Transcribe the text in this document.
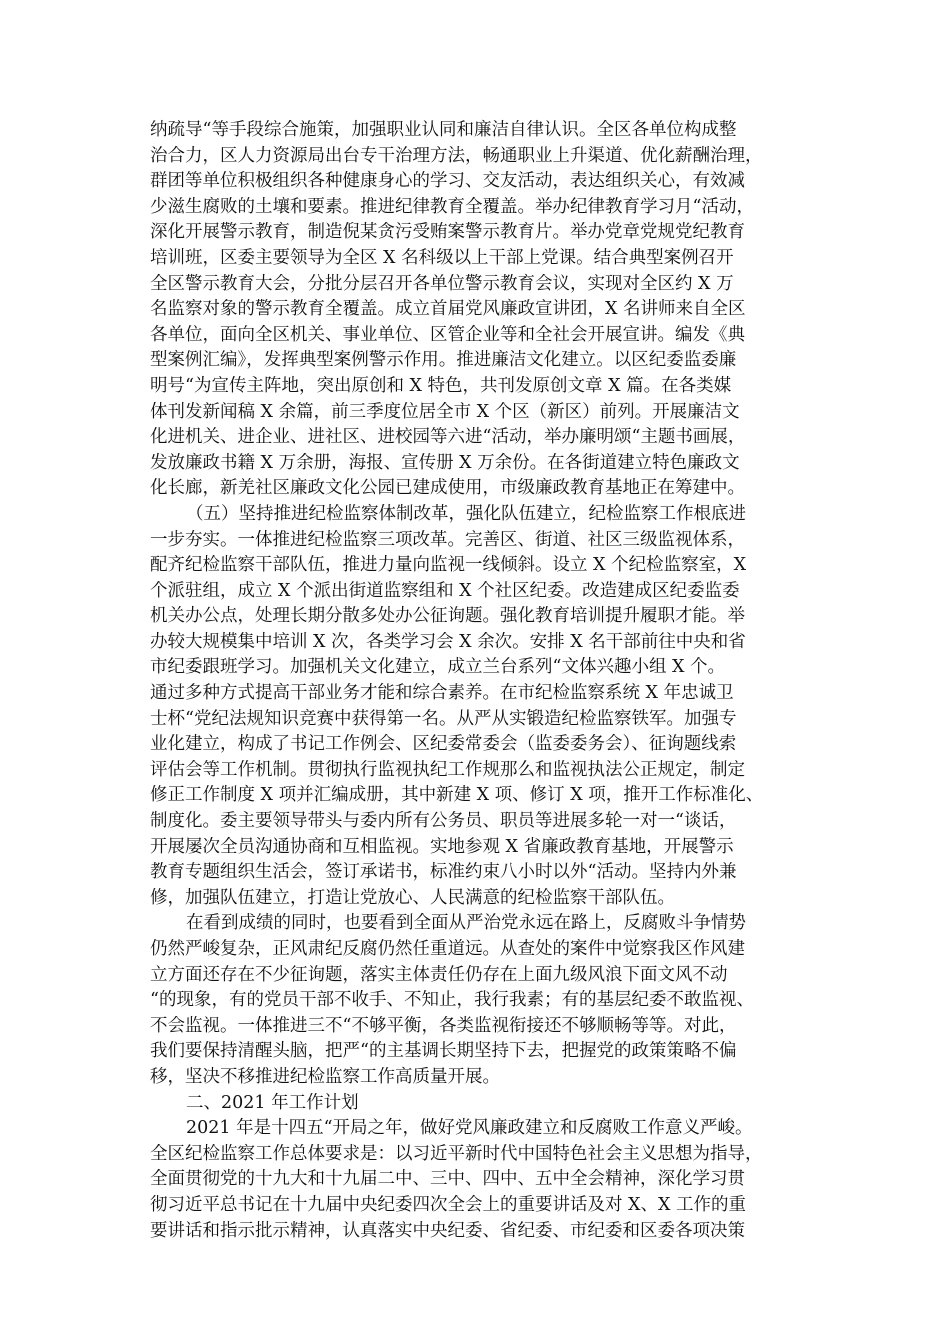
纳疏导“等手段综合施策，加强职业认同和廉洁自律认识。全区各单位构成整
治合力，区人力资源局出台专干治理方法，畅通职业上升渠道、优化薪酬治理，
群团等单位积极组织各种健康身心的学习、交友活动，表达组织关心，有效减
少滋生腐败的土壤和要素。推进纪律教育全覆盖。举办纪律教育学习月“活动，
深化开展警示教育，制造倪某贪污受贿案警示教育片。举办党章党规党纪教育
培训班，区委主要领导为全区 X 名科级以上干部上党课。结合典型案例召开
全区警示教育大会，分批分层召开各单位警示教育会议，实现对全区约 X 万
名监察对象的警示教育全覆盖。成立首届党风廉政宣讲团，X 名讲师来自全区
各单位，面向全区机关、事业单位、区管企业等和全社会开展宣讲。编发《典
型案例汇编》，发挥典型案例警示作用。推进廉洁文化建立。以区纪委监委廉
明号“为宣传主阵地，突出原创和 X 特色，共刊发原创文章 X 篇。在各类媒
体刊发新闻稿 X 余篇，前三季度位居全市 X 个区（新区）前列。开展廉洁文
化进机关、进企业、进社区、进校园等六进“活动，举办廉明颂“主题书画展，
发放廉政书籍 X 万余册，海报、宣传册 X 万余份。在各街道建立特色廉政文
化长廊，新羌社区廉政文化公园已建成使用，市级廉政教育基地正在筹建中。
（五）坚持推进纪检监察体制改革，强化队伍建立，纪检监察工作根底进
一步夯实。一体推进纪检监察三项改革。完善区、街道、社区三级监视体系，
配齐纪检监察干部队伍，推进力量向监视一线倾斜。设立 X 个纪检监察室，X
个派驻组，成立 X 个派出街道监察组和 X 个社区纪委。改造建成区纪委监委
机关办公点，处理长期分散多处办公征询题。强化教育培训提升履职才能。举
办较大规模集中培训 X 次，各类学习会 X 余次。安排 X 名干部前往中央和省
市纪委跟班学习。加强机关文化建立，成立兰台系列“文体兴趣小组 X 个。
通过多种方式提高干部业务才能和综合素养。在市纪检监察系统 X 年忠诚卫
士杯“党纪法规知识竞赛中获得第一名。从严从实锻造纪检监察铁军。加强专
业化建立，构成了书记工作例会、区纪委常委会（监委委务会）、征询题线索
评估会等工作机制。贯彻执行监视执纪工作规那么和监视执法公正规定，制定
修正工作制度 X 项并汇编成册，其中新建 X 项、修订 X 项，推开工作标准化、
制度化。委主要领导带头与委内所有公务员、职员等进展多轮一对一“谈话，
开展屡次全员沟通协商和互相监视。实地参观 X 省廉政教育基地，开展警示
教育专题组织生活会，签订承诺书，标准约束八小时以外“活动。坚持内外兼
修，加强队伍建立，打造让党放心、人民满意的纪检监察干部队伍。
在看到成绩的同时，也要看到全面从严治党永远在路上，反腐败斗争情势
仍然严峻复杂，正风肃纪反腐仍然任重道远。从查处的案件中觉察我区作风建
立方面还存在不少征询题，落实主体责任仍存在上面九级风浪下面文风不动
“的现象，有的党员干部不收手、不知止，我行我素；有的基层纪委不敢监视、
不会监视。一体推进三不“不够平衡，各类监视衔接还不够顺畅等等。对此，
我们要保持清醒头脑，把严“的主基调长期坚持下去，把握党的政策策略不偏
移，坚决不移推进纪检监察工作高质量开展。
二、2021 年工作计划
2021 年是十四五“开局之年，做好党风廉政建立和反腐败工作意义严峻。
全区纪检监察工作总体要求是：以习近平新时代中国特色社会主义思想为指导，
全面贯彻党的十九大和十九届二中、三中、四中、五中全会精神，深化学习贯
彻习近平总书记在十九届中央纪委四次全会上的重要讲话及对 X、X 工作的重
要讲话和指示批示精神，认真落实中央纪委、省纪委、市纪委和区委各项决策
